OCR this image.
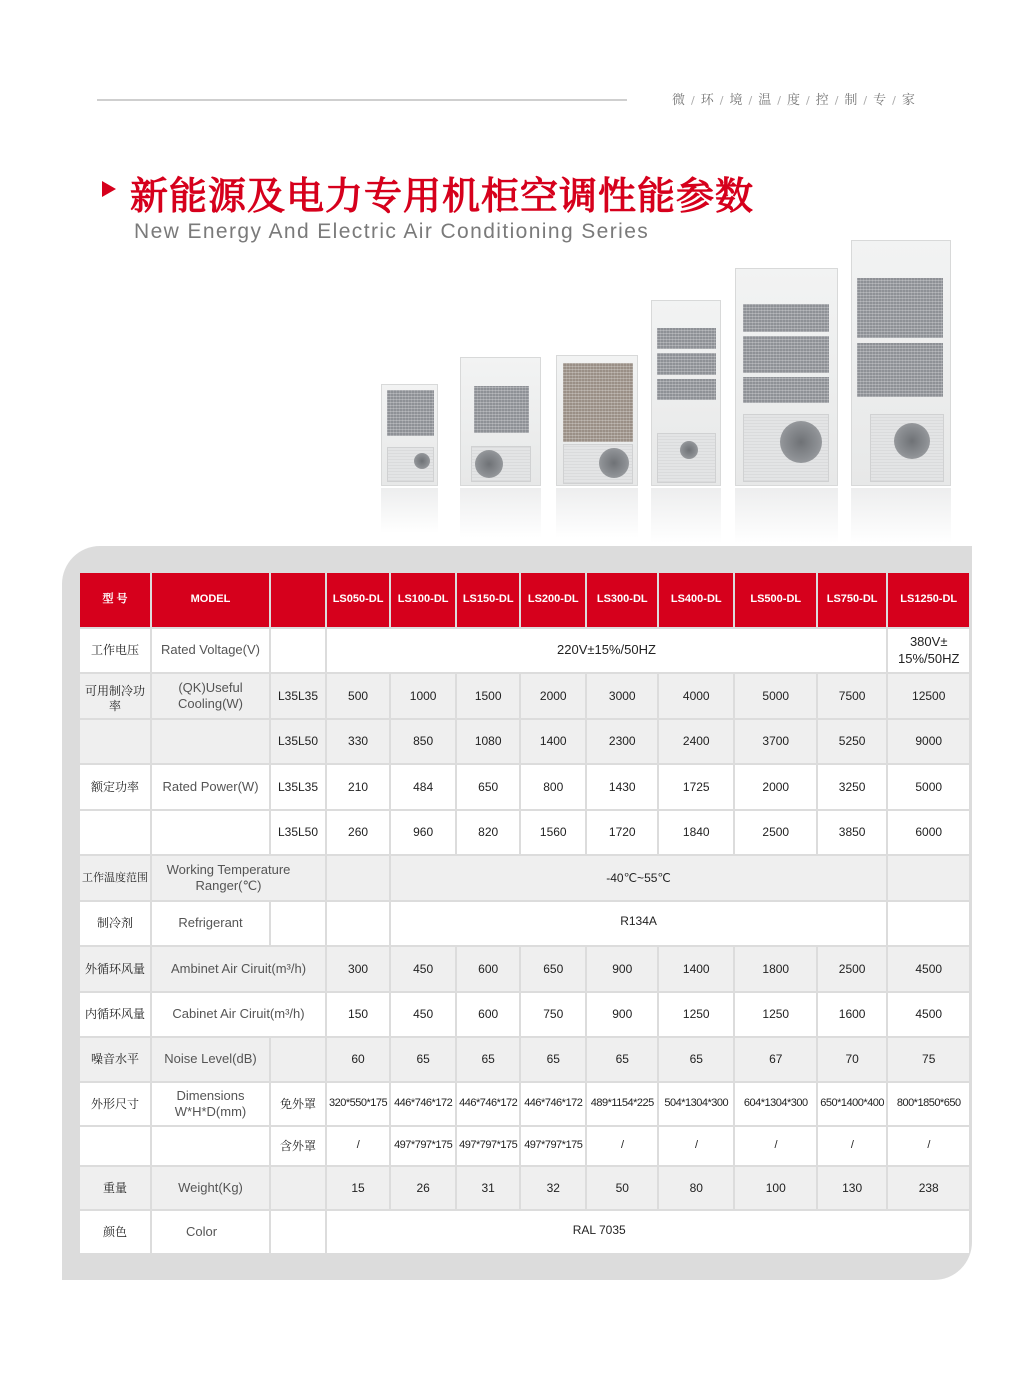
微 / 环 / 境 / 温 / 度 / 控 / 制 / 专 / 家
新能源及电力专用机柜空调性能参数
New Energy And Electric Air Conditioning Series
型 号	MODEL		LS050-DL	LS100-DL	LS150-DL	LS200-DL	LS300-DL	LS400-DL	LS500-DL	LS750-DL	LS1250-DL
工作电压	Rated Voltage(V)		220V±15%/50HZ								380V± 15%/50HZ
可用制冷功率	(QK)Useful Cooling(W)	L35L35	500	1000	1500	2000	3000	4000	5000	7500	12500
		L35L50	330	850	1080	1400	2300	2400	3700	5250	9000
额定功率	Rated Power(W)	L35L35	210	484	650	800	1430	1725	2000	3250	5000
		L35L50	260	960	820	1560	1720	1840	2500	3850	6000
工作温度范围	Working Temperature Ranger(℃)			-40℃~55℃							
制冷剂	Refrigerant			R134A							
外循环风量	Ambinet Air Ciruit(m³/h)		300	450	600	650	900	1400	1800	2500	4500
内循环风量	Cabinet Air Ciruit(m³/h)		150	450	600	750	900	1250	1250	1600	4500
噪音水平	Noise Level(dB)		60	65	65	65	65	65	67	70	75
外形尺寸	Dimensions W*H*D(mm)	免外罩	320*550*175	446*746*172	446*746*172	446*746*172	489*1154*225	504*1304*300	604*1304*300	650*1400*400	800*1850*650
		含外罩	/	497*797*175	497*797*175	497*797*175	/	/	/	/	/
重量	Weight(Kg)		15	26	31	32	50	80	100	130	238
颜色	Color		RAL 7035								
